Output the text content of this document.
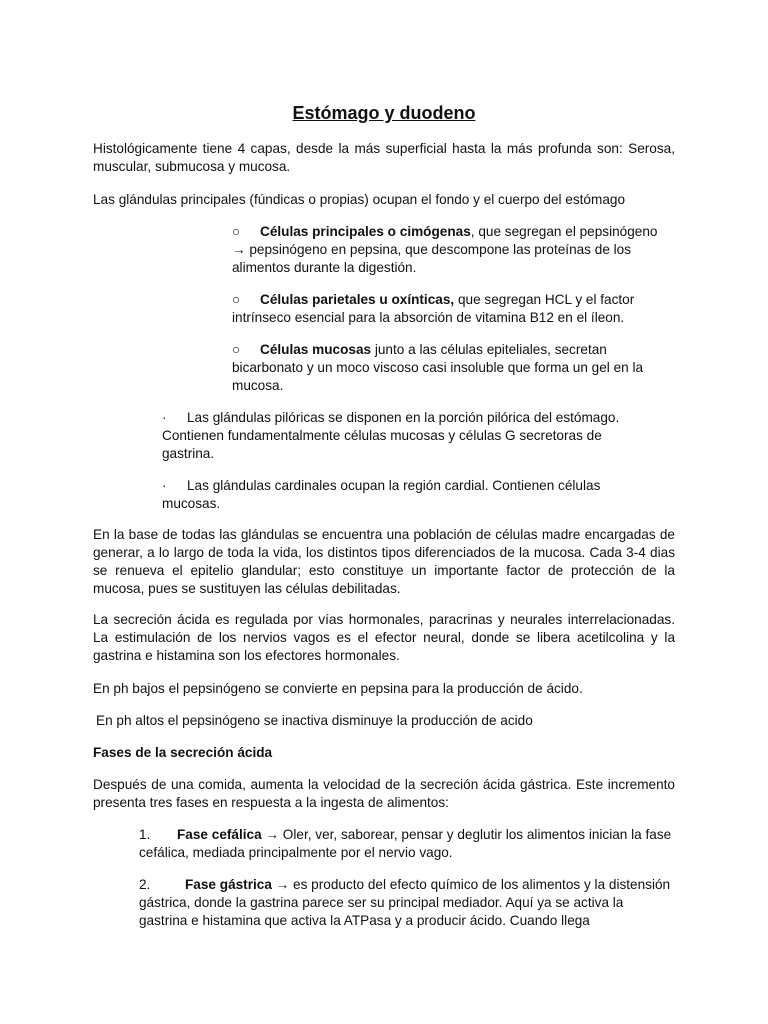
Estómago y duodeno

Histológicamente tiene 4 capas, desde la más superficial hasta la más profunda son: Serosa, muscular, submucosa y mucosa.

Las glándulas principales (fúndicas o propias) ocupan el fondo y el cuerpo del estómago

○ Células principales o cimógenas, que segregan el pepsinógeno → pepsinógeno en pepsina, que descompone las proteínas de los alimentos durante la digestión.

○ Células parietales u oxínticas, que segregan HCL y el factor intrínseco esencial para la absorción de vitamina B12 en el íleon.

○ Células mucosas junto a las células epiteliales, secretan bicarbonato y un moco viscoso casi insoluble que forma un gel en la mucosa.

· Las glándulas pilóricas se disponen en la porción pilórica del estómago. Contienen fundamentalmente células mucosas y células G secretoras de gastrina.

· Las glándulas cardinales ocupan la región cardial. Contienen células mucosas.

En la base de todas las glándulas se encuentra una población de células madre encargadas de generar, a lo largo de toda la vida, los distintos tipos diferenciados de la mucosa. Cada 3-4 dias se renueva el epitelio glandular; esto constituye un importante factor de protección de la mucosa, pues se sustituyen las células debilitadas.

La secreción ácida es regulada por vías hormonales, paracrinas y neurales interrelacionadas. La estimulación de los nervios vagos es el efector neural, donde se libera acetilcolina y la gastrina e histamina son los efectores hormonales.

En ph bajos el pepsinógeno se convierte en pepsina para la producción de ácido.

En ph altos el pepsinógeno se inactiva disminuye la producción de acido

Fases de la secreción ácida

Después de una comida, aumenta la velocidad de la secreción ácida gástrica. Este incremento presenta tres fases en respuesta a la ingesta de alimentos:

1. Fase cefálica → Oler, ver, saborear, pensar y deglutir los alimentos inician la fase cefálica, mediada principalmente por el nervio vago.

2.	Fase gástrica → es producto del efecto químico de los alimentos y la distensión gástrica, donde la gastrina parece ser su principal mediador. Aquí ya se activa la gastrina e histamina que activa la ATPasa y a producir ácido. Cuando llega
